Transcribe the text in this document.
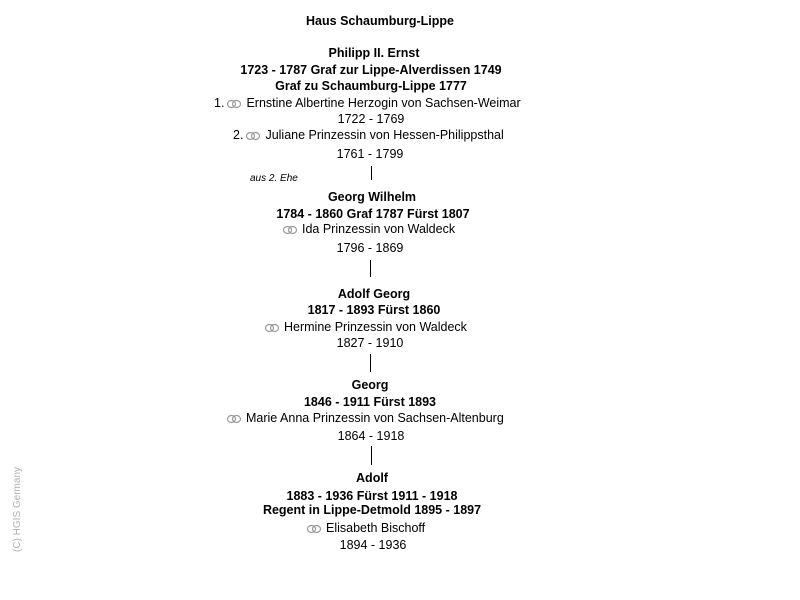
Haus Schaumburg-Lippe
Philipp II. Ernst
1723 - 1787 Graf zur Lippe-Alverdissen 1749
Graf zu Schaumburg-Lippe 1777
1. Ernstine Albertine Herzogin von Sachsen-Weimar
1722 - 1769
2. Juliane Prinzessin von Hessen-Philippsthal
1761 - 1799
aus 2. Ehe
Georg Wilhelm
1784 - 1860 Graf 1787 Fürst 1807
Ida Prinzessin von Waldeck
1796 - 1869
Adolf Georg
1817 - 1893 Fürst 1860
Hermine Prinzessin von Waldeck
1827 - 1910
Georg
1846 - 1911 Fürst 1893
Marie Anna Prinzessin von Sachsen-Altenburg
1864 - 1918
Adolf
1883 - 1936 Fürst 1911 - 1918
Regent in Lippe-Detmold 1895 - 1897
Elisabeth Bischoff
1894 - 1936
(C) HGIS Germany
